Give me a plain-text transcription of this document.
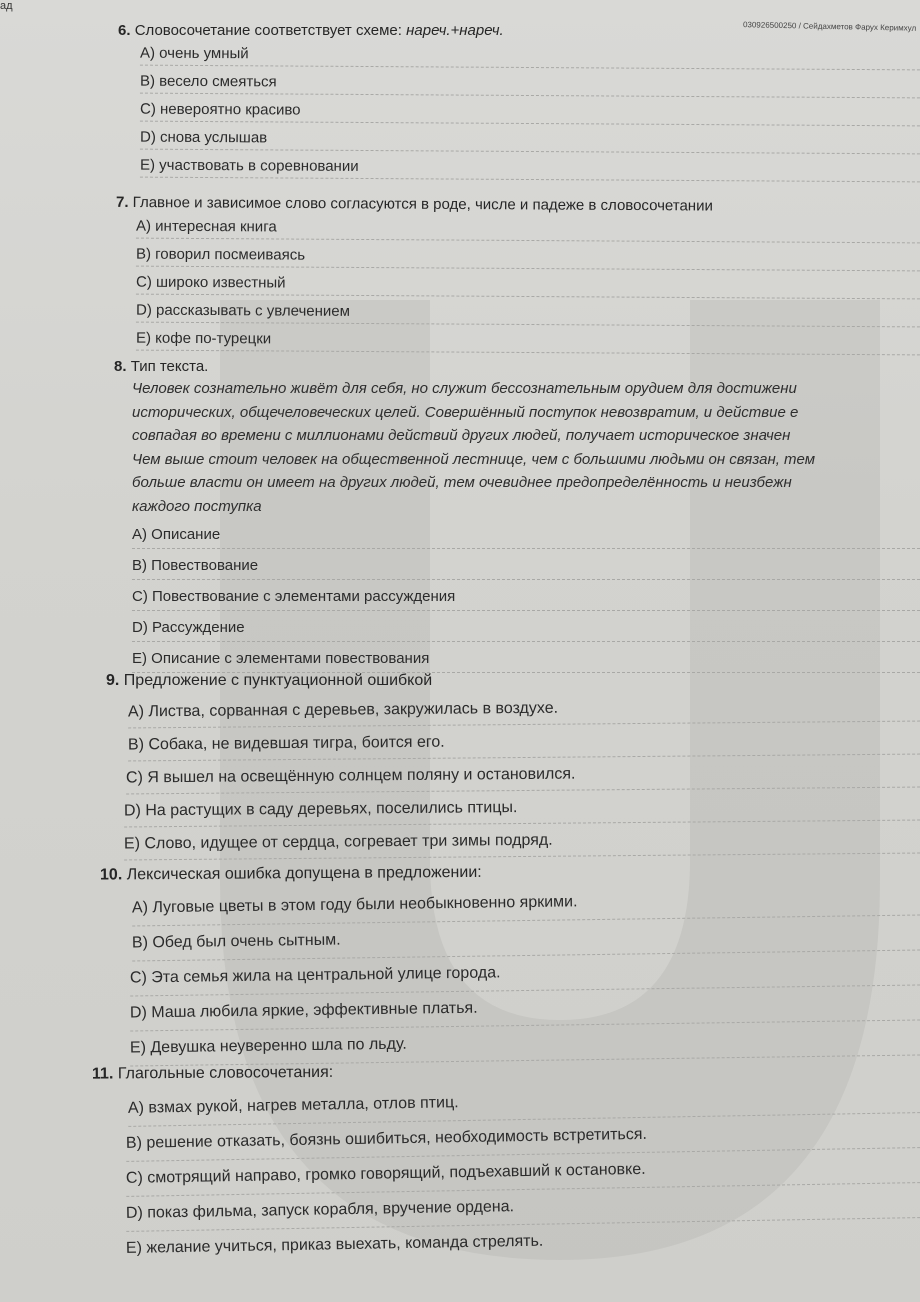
ад
030926500250 / Сейдахметов Фарух Керимхул
6. Словосочетание соответствует схеме: нареч.+нареч.
A) очень умный
B) весело смеяться
C) невероятно красиво
D) снова услышав
E) участвовать в соревновании
7. Главное и зависимое слово согласуются в роде, числе и падеже в словосочетании
A) интересная книга
B) говорил посмеиваясь
C) широко известный
D) рассказывать с увлечением
E) кофе по-турецки
8. Тип текста.
Человек сознательно живёт для себя, но служит бессознательным орудием для достижени
исторических, общечеловеческих целей. Совершённый поступок невозвратим, и действие е
совпадая во времени с миллионами действий других людей, получает историческое значен
Чем выше стоит человек на общественной лестнице, чем с большими людьми он связан, тем
больше власти он имеет на других людей, тем очевиднее предопределённость и неизбежн
каждого поступка
A) Описание
B) Повествование
C) Повествование с элементами рассуждения
D) Рассуждение
E) Описание с элементами повествования
9. Предложение с пунктуационной ошибкой
A) Листва, сорванная с деревьев, закружилась в воздухе.
B) Собака, не видевшая тигра, боится его.
C) Я вышел на освещённую солнцем поляну и остановился.
D) На растущих в саду деревьях, поселились птицы.
E) Слово, идущее от сердца, согревает три зимы подряд.
10. Лексическая ошибка допущена в предложении:
A) Луговые цветы в этом году были необыкновенно яркими.
B) Обед был очень сытным.
C) Эта семья жила на центральной улице города.
D) Маша любила яркие, эффективные платья.
E) Девушка неуверенно шла по льду.
11. Глагольные словосочетания:
A) взмах рукой, нагрев металла, отлов птиц.
B) решение отказать, боязнь ошибиться, необходимость встретиться.
C) смотрящий направо, громко говорящий, подъехавший к остановке.
D) показ фильма, запуск корабля, вручение ордена.
E) желание учиться, приказ выехать, команда стрелять.
